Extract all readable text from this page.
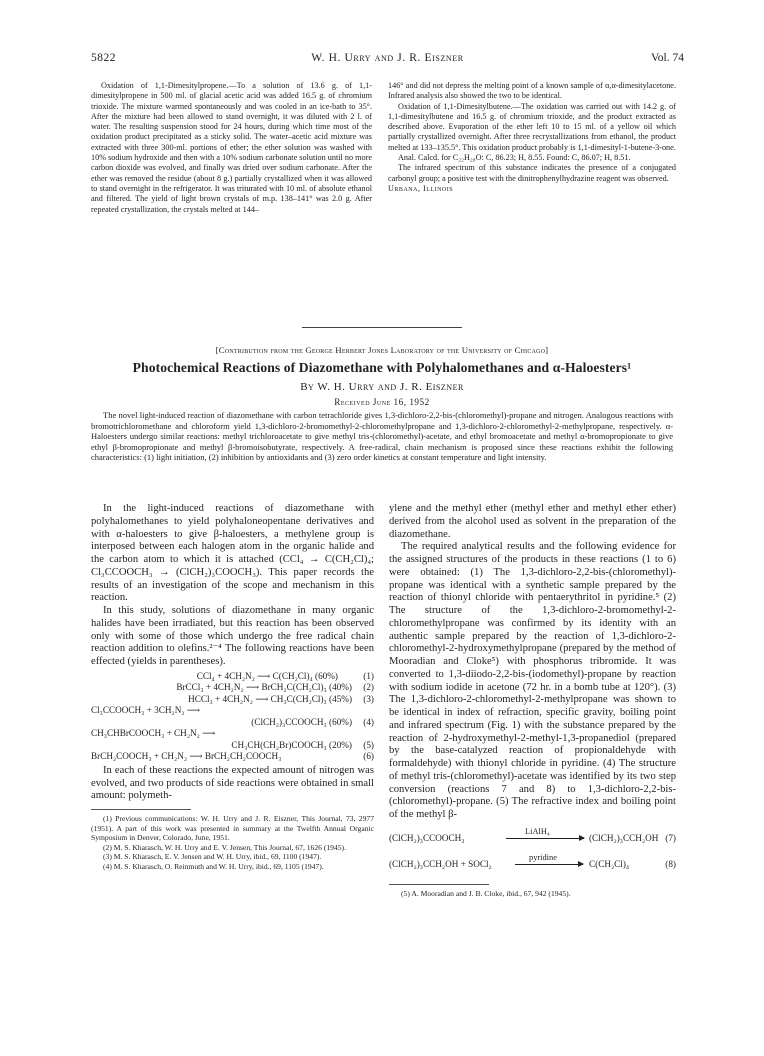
5822	W. H. Urry and J. R. Eiszner	Vol. 74

Oxidation of 1,1-Dimesitylpropene.—To a solution of 13.6 g. of 1,1-dimesitylpropene in 500 ml. of glacial acetic acid was added 16.5 g. of chromium trioxide. The mixture warmed spontaneously and was cooled in an ice-bath to 35°. After the mixture had been allowed to stand overnight, it was diluted with 2 l. of water. The resulting suspension stood for 24 hours, during which time most of the oxidation product precipitated as a sticky solid. The water–acetic acid mixture was extracted with three 300-ml. portions of ether; the ether solution was washed with 10% sodium hydroxide and then with a 10% sodium carbonate solution until no more carbon dioxide was evolved, and finally was dried over sodium carbonate. After the ether was removed the residue (about 8 g.) partially crystallized when it was allowed to stand overnight in the refrigerator. It was triturated with 10 ml. of absolute ethanol and filtered. The yield of light brown crystals of m.p. 138–141° was 2.0 g. After repeated crystallization, the crystals melted at 144–

146° and did not depress the melting point of a known sample of α,α-dimesitylacetone. Infrared analysis also showed the two to be identical.

Oxidation of 1,1-Dimesitylbutene.—The oxidation was carried out with 14.2 g. of 1,1-dimesitylbutene and 16.5 g. of chromium trioxide, and the product extracted as described above. Evaporation of the ether left 10 to 15 ml. of a yellow oil which partially crystallized overnight. After three recrystallizations from ethanol, the product melted at 133–135.5°. This oxidation product probably is 1,1-dimesityl-1-butene-3-one.

Anal. Calcd. for C₂₂H₂₈O: C, 86.23; H, 8.55. Found: C, 86.07; H, 8.51.

The infrared spectrum of this substance indicates the presence of a conjugated carbonyl group; a positive test with the dinitrophenylhydrazine reagent was observed.

Urbana, Illinois

[Contribution from the George Herbert Jones Laboratory of the University of Chicago]
Photochemical Reactions of Diazomethane with Polyhalomethanes and α-Haloesters¹
By W. H. Urry and J. R. Eiszner
Received June 16, 1952

The novel light-induced reaction of diazomethane with carbon tetrachloride gives 1,3-dichloro-2,2-bis-(chloromethyl)-propane and nitrogen. Analogous reactions with bromotrichloromethane and chloroform yield 1,3-dichloro-2-bromomethyl-2-chloromethylpropane and 1,3-dichloro-2-chloromethyl-2-methylpropane, respectively. α-Haloesters undergo similar reactions: methyl trichloroacetate to give methyl tris-(chloromethyl)-acetate, and ethyl bromoacetate and methyl α-bromopropionate to give ethyl β-bromopropionate and methyl β-bromoisobutyrate, respectively. A free-radical, chain mechanism is proposed since these reactions exhibit the following characteristics: (1) light initiation, (2) inhibition by antioxidants and (3) zero order kinetics at constant temperature and light intensity.

In the light-induced reactions of diazomethane with polyhalomethanes to yield polyhaloneopentane derivatives and with α-haloesters to give β-haloesters, a methylene group is interposed between each halogen atom in the organic halide and the carbon atom to which it is attached (CCl₄ → C(CH₂Cl)₄; Cl₃CCOOCH₃ → (ClCH₂)₃COOCH₃). This paper records the results of an investigation of the scope and mechanism in this reaction.

In this study, solutions of diazomethane in many organic halides have been irradiated, but this reaction has been observed only with some of those which undergo the free radical chain reaction addition to olefins.²⁻⁴ The following reactions have been effected (yields in parentheses).

CCl₄ + 4CH₂N₂ ⟶ C(CH₂Cl)₄ (60%)	(1)
BrCCl₃ + 4CH₂N₂ ⟶ BrCH₂C(CH₂Cl)₃ (40%) (2)
HCCl₃ + 4CH₂N₂ ⟶ CH₃C(CH₂Cl)₃ (45%) (3)
Cl₃CCOOCH₃ + 3CH₂N₂ ⟶
(ClCH₂)₃CCOOCH₃ (60%) (4)
CH₃CHBrCOOCH₃ + CH₂N₂ ⟶
CH₃CH(CH₂Br)COOCH₃ (20%) (5)
BrCH₂COOCH₃ + CH₂N₂ ⟶ BrCH₂CH₂COOCH₃	(6)

In each of these reactions the expected amount of nitrogen was evolved, and two products of side reactions were obtained in small amount: polymeth-

(1) Previous communications: W. H. Urry and J. R. Eiszner, This Journal, 73, 2977 (1951). A part of this work was presented in summary at the Twelfth Annual Organic Symposium in Denver, Colorado, June, 1951.

(2) M. S. Kharasch, W. H. Urry and E. V. Jensen, This Journal, 67, 1626 (1945).

(3) M. S. Kharasch, E. V. Jensen and W. H. Urry, ibid., 69, 1100 (1947).

(4) M. S. Kharasch, O. Reinmuth and W. H. Urry, ibid., 69, 1105 (1947).

ylene and the methyl ether (methyl ether and methyl ether ether) derived from the alcohol used as solvent in the preparation of the diazomethane.

The required analytical results and the following evidence for the assigned structures of the products in these reactions (1 to 6) were obtained: (1) The 1,3-dichloro-2,2-bis-(chloromethyl)-propane was identical with a synthetic sample prepared by the reaction of thionyl chloride with pentaerythritol in pyridine.⁵ (2) The structure of the 1,3-dichloro-2-bromomethyl-2-chloromethylpropane was confirmed by its identity with an authentic sample prepared by the reaction of 1,3-dichloro-2-chloromethyl-2-hydroxymethylpropane (prepared by the method of Mooradian and Cloke⁵) with phosphorus tribromide. It was converted to 1,3-diiodo-2,2-bis-(iodomethyl)-propane by reaction with sodium iodide in acetone (72 hr. in a bomb tube at 120°). (3) The 1,3-dichloro-2-chloromethyl-2-methylpropane was shown to be identical in index of refraction, specific gravity, boiling point and infrared spectrum (Fig. 1) with the substance prepared by the reaction of 2-hydroxymethyl-2-methyl-1,3-propanediol (prepared by the base-catalyzed reaction of propionaldehyde with formaldehyde) with thionyl chloride in pyridine. (4) The structure of methyl tris-(chloromethyl)-acetate was identified by its two step conversion (reactions 7 and 8) to 1,3-dichloro-2,2-bis-(chloromethyl)-propane. (5) The refractive index and boiling point of the methyl β-

LiAlH₄
(ClCH₂)₃CCOOCH₃	(ClCH₂)₃CCH₂OH (7)
pyridine
(ClCH₂)₃CCH₂OH + SOCl₂	C(CH₂Cl)₄	(8)

(5) A. Mooradian and J. B. Cloke, ibid., 67, 942 (1945).
